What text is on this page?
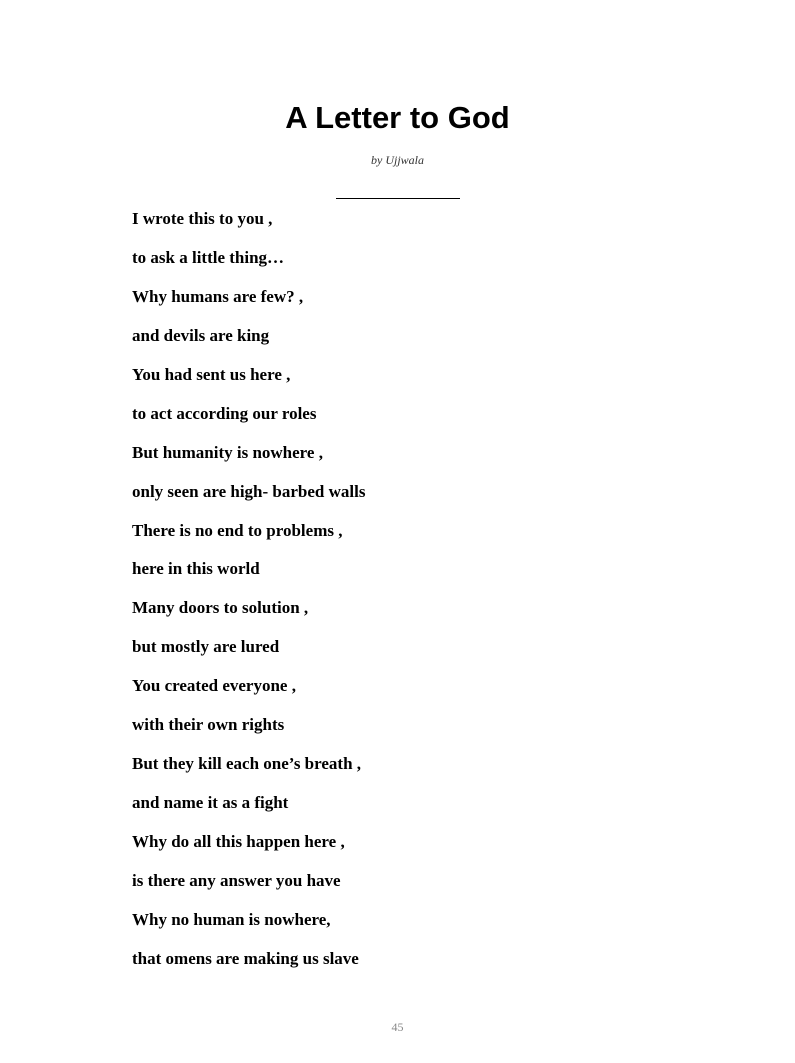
A Letter to God

by Ujjwala

I wrote this to you ,
to ask a little thing…
Why humans are few? ,
and devils are king
You had sent us here ,
to act according our roles
But humanity is nowhere ,
only seen are high- barbed walls
There is no end to problems ,
here in this world
Many doors to solution ,
but mostly are lured
You created everyone ,
with their own rights
But they kill each one’s breath ,
and name it as a fight
Why do all this happen here ,
is there any answer you have
Why no human is nowhere,
that omens are making us slave

45
